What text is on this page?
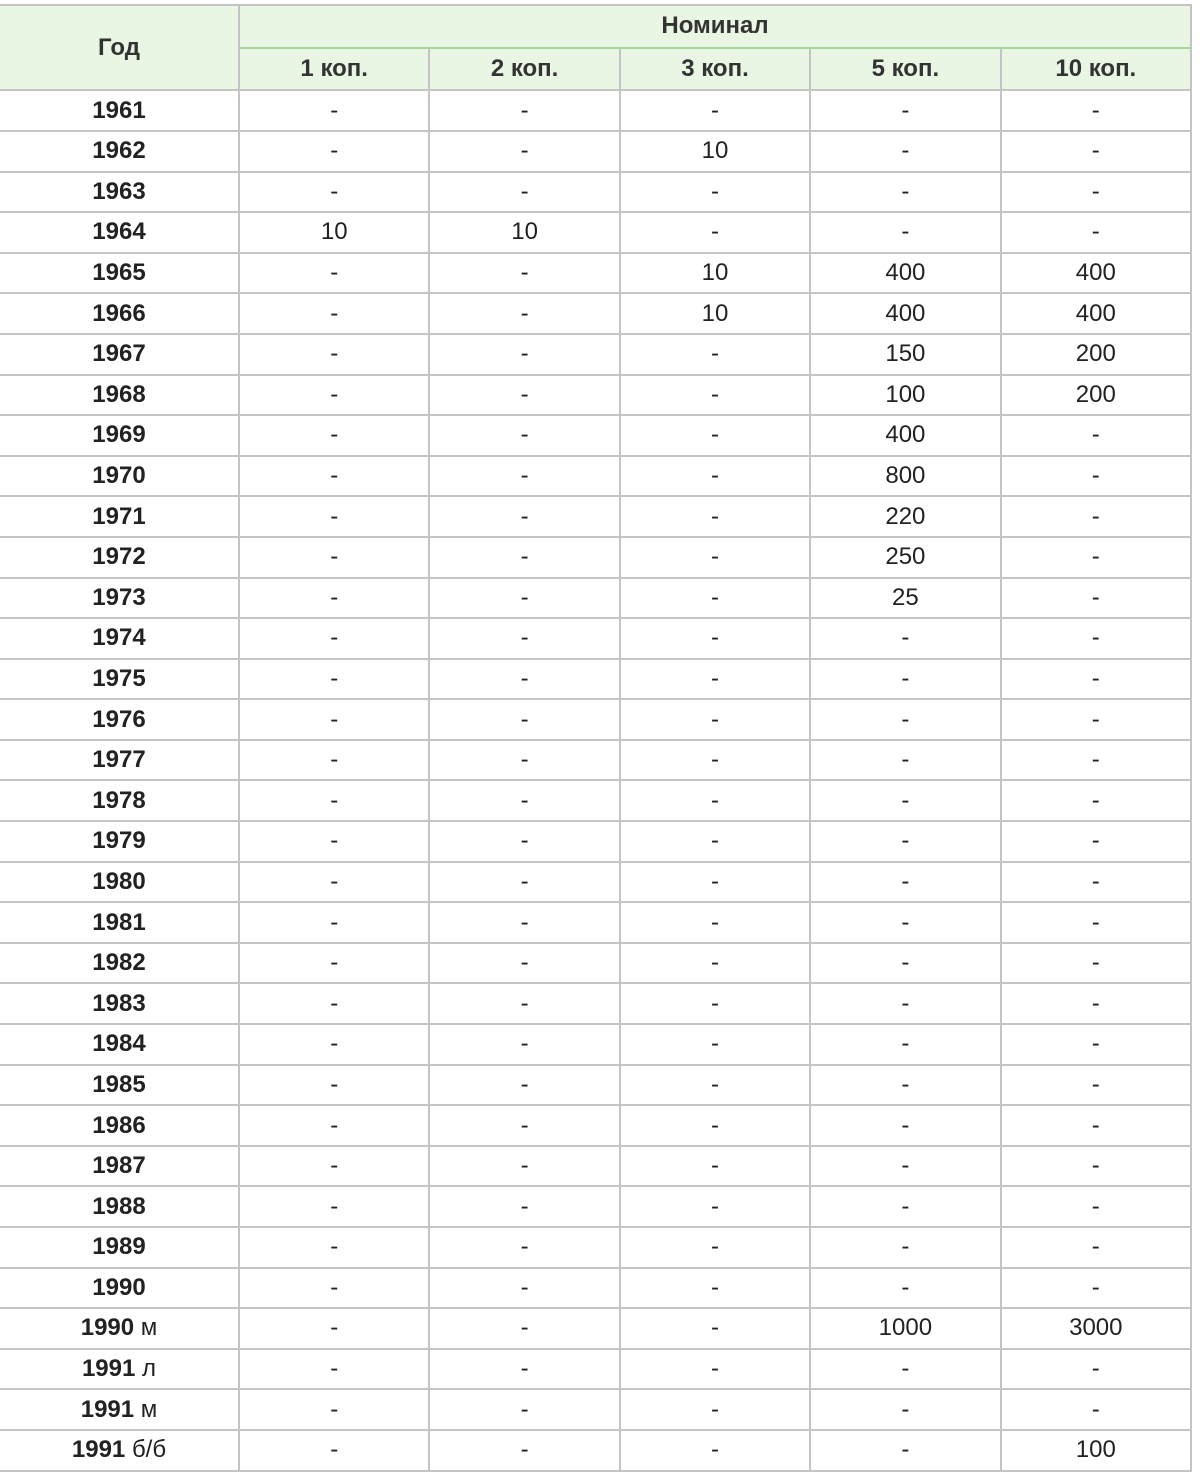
Год	Номинал				
	1 коп.	2 коп.	3 коп.	5 коп.	10 коп.
1961	-	-	-	-	-
1962	-	-	10	-	-
1963	-	-	-	-	-
1964	10	10	-	-	-
1965	-	-	10	400	400
1966	-	-	10	400	400
1967	-	-	-	150	200
1968	-	-	-	100	200
1969	-	-	-	400	-
1970	-	-	-	800	-
1971	-	-	-	220	-
1972	-	-	-	250	-
1973	-	-	-	25	-
1974	-	-	-	-	-
1975	-	-	-	-	-
1976	-	-	-	-	-
1977	-	-	-	-	-
1978	-	-	-	-	-
1979	-	-	-	-	-
1980	-	-	-	-	-
1981	-	-	-	-	-
1982	-	-	-	-	-
1983	-	-	-	-	-
1984	-	-	-	-	-
1985	-	-	-	-	-
1986	-	-	-	-	-
1987	-	-	-	-	-
1988	-	-	-	-	-
1989	-	-	-	-	-
1990	-	-	-	-	-
1990 м	-	-	-	1000	3000
1991 л	-	-	-	-	-
1991 м	-	-	-	-	-
1991 б/б	-	-	-	-	100
